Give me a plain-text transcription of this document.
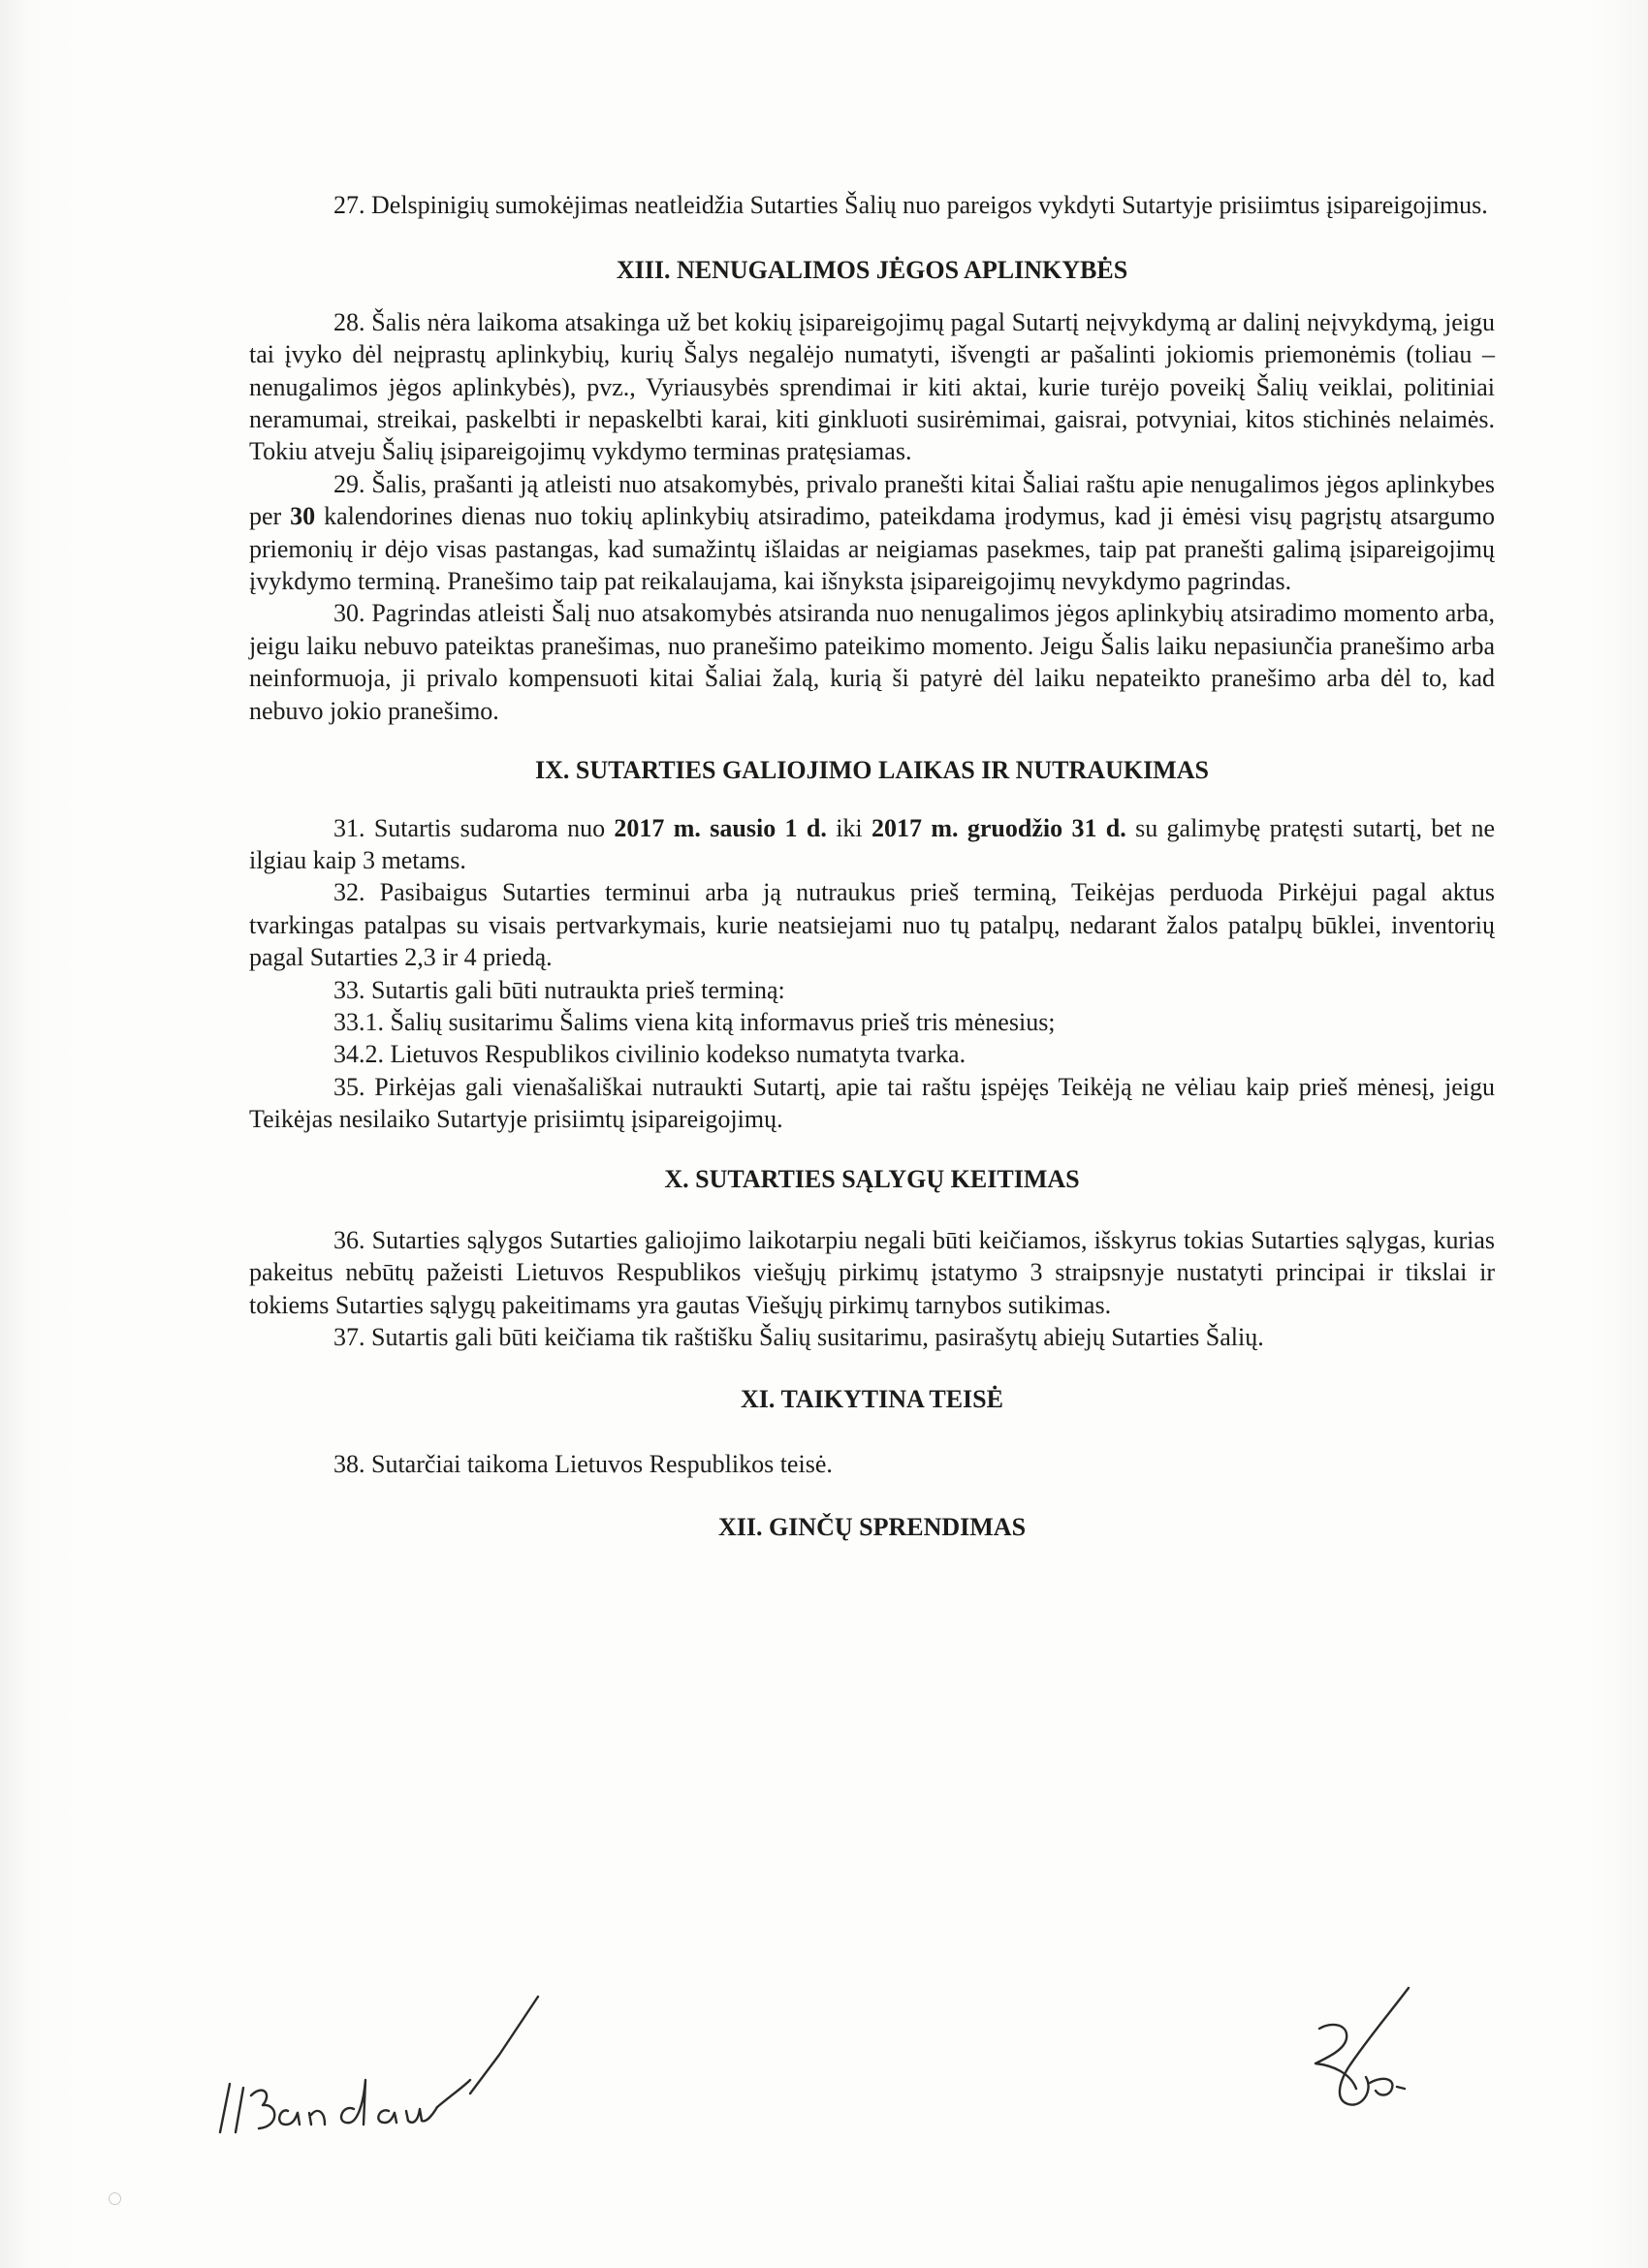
27. Delspinigių sumokėjimas neatleidžia Sutarties Šalių nuo pareigos vykdyti Sutartyje prisiimtus įsipareigojimus.

XIII. NENUGALIMOS JĖGOS APLINKYBĖS

28. Šalis nėra laikoma atsakinga už bet kokių įsipareigojimų pagal Sutartį neįvykdymą ar dalinį neįvykdymą, jeigu tai įvyko dėl neįprastų aplinkybių, kurių Šalys negalėjo numatyti, išvengti ar pašalinti jokiomis priemonėmis (toliau – nenugalimos jėgos aplinkybės), pvz., Vyriausybės sprendimai ir kiti aktai, kurie turėjo poveikį Šalių veiklai, politiniai neramumai, streikai, paskelbti ir nepaskelbti karai, kiti ginkluoti susirėmimai, gaisrai, potvyniai, kitos stichinės nelaimės. Tokiu atveju Šalių įsipareigojimų vykdymo terminas pratęsiamas.

29. Šalis, prašanti ją atleisti nuo atsakomybės, privalo pranešti kitai Šaliai raštu apie nenugalimos jėgos aplinkybes per 30 kalendorines dienas nuo tokių aplinkybių atsiradimo, pateikdama įrodymus, kad ji ėmėsi visų pagrįstų atsargumo priemonių ir dėjo visas pastangas, kad sumažintų išlaidas ar neigiamas pasekmes, taip pat pranešti galimą įsipareigojimų įvykdymo terminą. Pranešimo taip pat reikalaujama, kai išnyksta įsipareigojimų nevykdymo pagrindas.

30. Pagrindas atleisti Šalį nuo atsakomybės atsiranda nuo nenugalimos jėgos aplinkybių atsiradimo momento arba, jeigu laiku nebuvo pateiktas pranešimas, nuo pranešimo pateikimo momento. Jeigu Šalis laiku nepasiunčia pranešimo arba neinformuoja, ji privalo kompensuoti kitai Šaliai žalą, kurią ši patyrė dėl laiku nepateikto pranešimo arba dėl to, kad nebuvo jokio pranešimo.

IX. SUTARTIES GALIOJIMO LAIKAS IR NUTRAUKIMAS

31. Sutartis sudaroma nuo 2017 m. sausio 1 d. iki 2017 m. gruodžio 31 d. su galimybę pratęsti sutartį, bet ne ilgiau kaip 3 metams.

32. Pasibaigus Sutarties terminui arba ją nutraukus prieš terminą, Teikėjas perduoda Pirkėjui pagal aktus tvarkingas patalpas su visais pertvarkymais, kurie neatsiejami nuo tų patalpų, nedarant žalos patalpų būklei, inventorių pagal Sutarties 2,3 ir 4 priedą.

33. Sutartis gali būti nutraukta prieš terminą:

33.1. Šalių susitarimu Šalims viena kitą informavus prieš tris mėnesius;

34.2. Lietuvos Respublikos civilinio kodekso numatyta tvarka.

35. Pirkėjas gali vienašališkai nutraukti Sutartį, apie tai raštu įspėjęs Teikėją ne vėliau kaip prieš mėnesį, jeigu Teikėjas nesilaiko Sutartyje prisiimtų įsipareigojimų.

X. SUTARTIES SĄLYGŲ KEITIMAS

36. Sutarties sąlygos Sutarties galiojimo laikotarpiu negali būti keičiamos, išskyrus tokias Sutarties sąlygas, kurias pakeitus nebūtų pažeisti Lietuvos Respublikos viešųjų pirkimų įstatymo 3 straipsnyje nustatyti principai ir tikslai ir tokiems Sutarties sąlygų pakeitimams yra gautas Viešųjų pirkimų tarnybos sutikimas.

37. Sutartis gali būti keičiama tik raštišku Šalių susitarimu, pasirašytų abiejų Sutarties Šalių.

XI. TAIKYTINA TEISĖ

38. Sutarčiai taikoma Lietuvos Respublikos teisė.

XII. GINČŲ SPRENDIMAS
